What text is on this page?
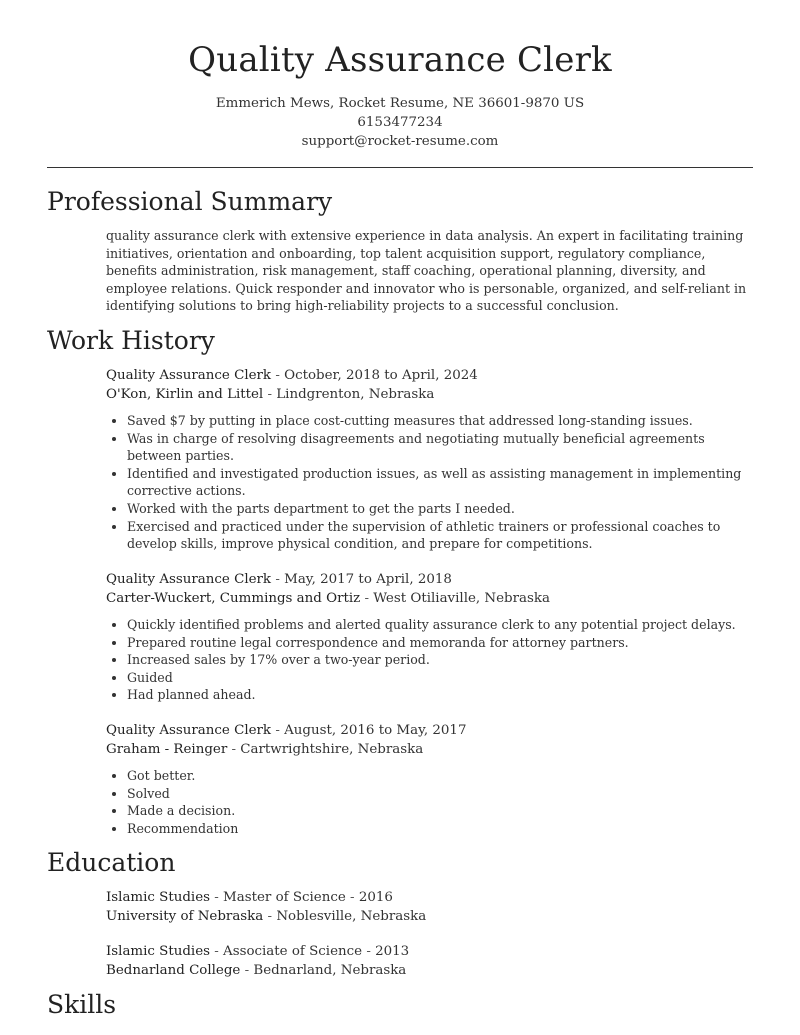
Quality Assurance Clerk
Emmerich Mews, Rocket Resume, NE 36601-9870 US
6153477234
support@rocket-resume.com
Professional Summary
quality assurance clerk with extensive experience in data analysis. An expert in facilitating training initiatives, orientation and onboarding, top talent acquisition support, regulatory compliance, benefits administration, risk management, staff coaching, operational planning, diversity, and employee relations. Quick responder and innovator who is personable, organized, and self-reliant in identifying solutions to bring high-reliability projects to a successful conclusion.
Work History
Quality Assurance Clerk - October, 2018 to April, 2024
O'Kon, Kirlin and Littel - Lindgrenton, Nebraska
• Saved $7 by putting in place cost-cutting measures that addressed long-standing issues.
• Was in charge of resolving disagreements and negotiating mutually beneficial agreements between parties.
• Identified and investigated production issues, as well as assisting management in implementing corrective actions.
• Worked with the parts department to get the parts I needed.
• Exercised and practiced under the supervision of athletic trainers or professional coaches to develop skills, improve physical condition, and prepare for competitions.
Quality Assurance Clerk - May, 2017 to April, 2018
Carter-Wuckert, Cummings and Ortiz - West Otiliaville, Nebraska
• Quickly identified problems and alerted quality assurance clerk to any potential project delays.
• Prepared routine legal correspondence and memoranda for attorney partners.
• Increased sales by 17% over a two-year period.
• Guided
• Had planned ahead.
Quality Assurance Clerk - August, 2016 to May, 2017
Graham - Reinger - Cartwrightshire, Nebraska
• Got better.
• Solved
• Made a decision.
• Recommendation
Education
Islamic Studies - Master of Science - 2016
University of Nebraska - Noblesville, Nebraska
Islamic Studies - Associate of Science - 2013
Bednarland College - Bednarland, Nebraska
Skills
